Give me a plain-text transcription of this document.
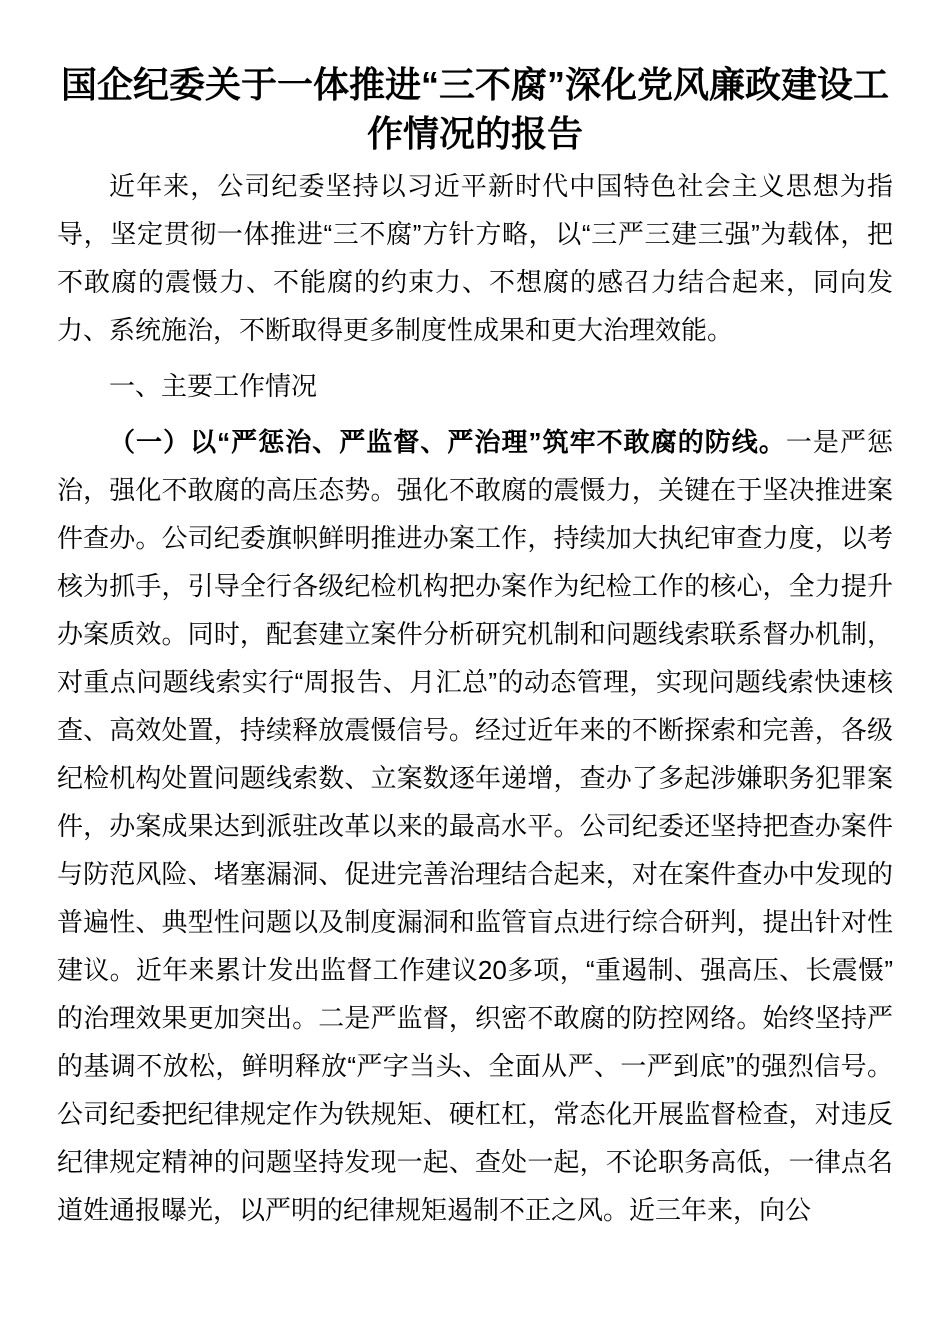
国企纪委关于一体推进“三不腐”深化党风廉政建设工作情况的报告

近年来，公司纪委坚持以习近平新时代中国特色社会主义思想为指导，坚定贯彻一体推进“三不腐”方针方略，以“三严三建三强”为载体，把不敢腐的震慑力、不能腐的约束力、不想腐的感召力结合起来，同向发力、系统施治，不断取得更多制度性成果和更大治理效能。

一、主要工作情况

（一）以“严惩治、严监督、严治理”筑牢不敢腐的防线。一是严惩治，强化不敢腐的高压态势。强化不敢腐的震慑力，关键在于坚决推进案件查办。公司纪委旗帜鲜明推进办案工作，持续加大执纪审查力度，以考核为抓手，引导全行各级纪检机构把办案作为纪检工作的核心，全力提升办案质效。同时，配套建立案件分析研究机制和问题线索联系督办机制，对重点问题线索实行“周报告、月汇总”的动态管理，实现问题线索快速核查、高效处置，持续释放震慑信号。经过近年来的不断探索和完善，各级纪检机构处置问题线索数、立案数逐年递增，查办了多起涉嫌职务犯罪案件，办案成果达到派驻改革以来的最高水平。公司纪委还坚持把查办案件与防范风险、堵塞漏洞、促进完善治理结合起来，对在案件查办中发现的普遍性、典型性问题以及制度漏洞和监管盲点进行综合研判，提出针对性建议。近年来累计发出监督工作建议20多项，“重遏制、强高压、长震慑”的治理效果更加突出。二是严监督，织密不敢腐的防控网络。始终坚持严的基调不放松，鲜明释放“严字当头、全面从严、一严到底”的强烈信号。公司纪委把纪律规定作为铁规矩、硬杠杠，常态化开展监督检查，对违反纪律规定精神的问题坚持发现一起、查处一起，不论职务高低，一律点名道姓通报曝光，以严明的纪律规矩遏制不正之风。近三年来，向公
